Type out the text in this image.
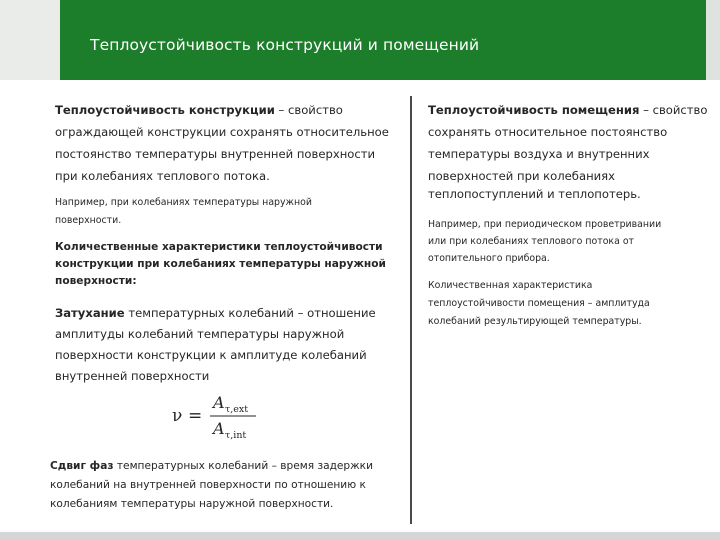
Теплоустойчивость конструкций и помещений

Теплоустойчивость конструкции – свойство

ограждающей конструкции сохранять относительное

постоянство температуры внутренней поверхности

при колебаниях теплового потока.

Например, при колебаниях температуры наружной

поверхности.

Количественные характеристики теплоустойчивости

конструкции при колебаниях температуры наружной

поверхности:

Затухание температурных колебаний – отношение

амплитуды колебаний температуры наружной

поверхности конструкции к амплитуде колебаний

внутренней поверхности

ν =
A τ,ext
A τ,int

Сдвиг фаз температурных колебаний – время задержки

колебаний на внутренней поверхности по отношению к

колебаниям температуры наружной поверхности.

Теплоустойчивость помещения – свойство

сохранять относительное постоянство

температуры воздуха и внутренних

поверхностей при колебаниях

теплопоступлений и теплопотерь.

Например, при периодическом проветривании

или при колебаниях теплового потока от

отопительного прибора.

Количественная характеристика

теплоустойчивости помещения – амплитуда

колебаний результирующей температуры.
